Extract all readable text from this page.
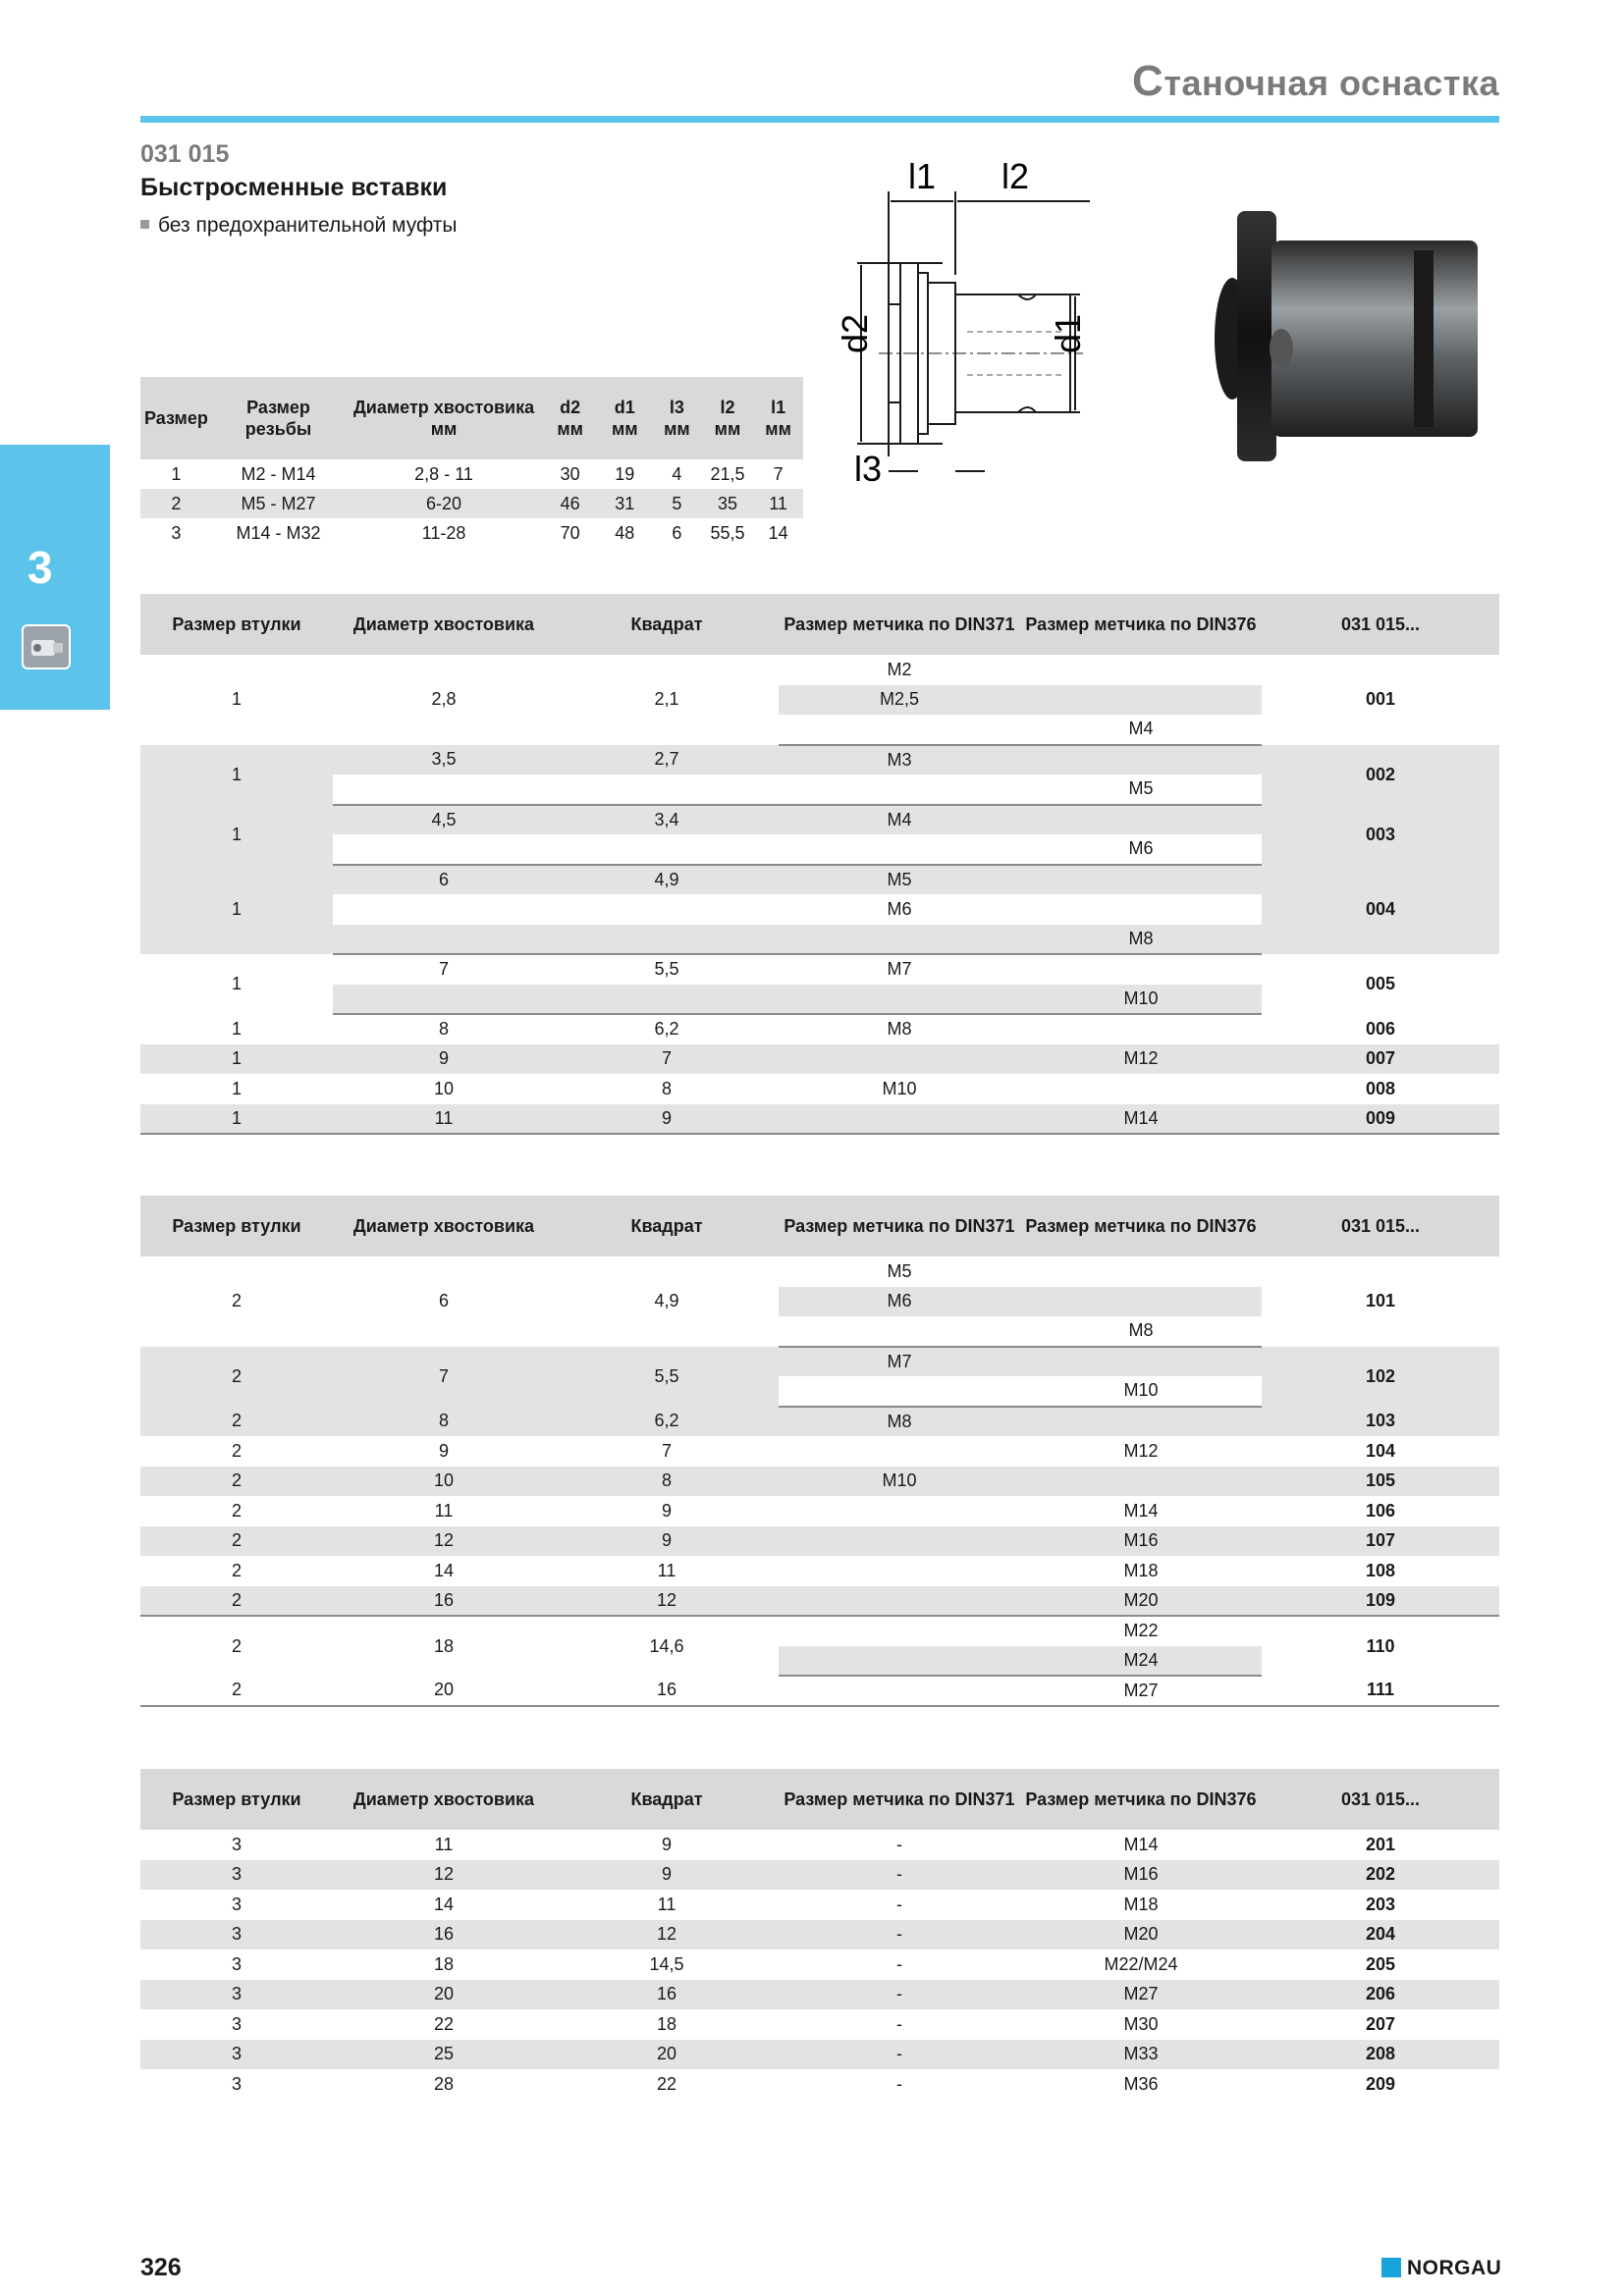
Станочная оснастка
3
031 015
Быстросменные вставки
без предохранительной муфты
l1 l2
l3
d2	d1
Размер	Размер резьбы	Диаметр хвостовика мм	d2 мм	d1 мм	l3 мм	l2 мм	l1 мм
1	M2 - M14	2,8 - 11	30	19	4	21,5	7
2	M5 - M27	6-20	46	31	5	35	11
3	M14 - M32	11-28	70	48	6	55,5	14
Размер втулки	Диаметр хвостовика	Квадрат	Размер метчика по DIN371	Размер метчика по DIN376	031 015...
1	2,8	2,1	M2		001
			M2,5		
				M4	
1	3,5	2,7	M3		002
				M5	
1	4,5	3,4	M4		003
				M6	
1	6	4,9	M5		004
			M6		
				M8	
1	7	5,5	M7		005
				M10	
1	8	6,2	M8		006
1	9	7		M12	007
1	10	8	M10		008
1	11	9		M14	009
Размер втулки	Диаметр хвостовика	Квадрат	Размер метчика по DIN371	Размер метчика по DIN376	031 015...
2	6	4,9	M5		101
			M6		
				M8	
2	7	5,5	M7		102
				M10	
2	8	6,2	M8		103
2	9	7		M12	104
2	10	8	M10		105
2	11	9		M14	106
2	12	9		M16	107
2	14	11		M18	108
2	16	12		M20	109
2	18	14,6		M22	110
				M24	
2	20	16		M27	111
Размер втулки	Диаметр хвостовика	Квадрат	Размер метчика по DIN371	Размер метчика по DIN376	031 015...
3	11	9	-	M14	201
3	12	9	-	M16	202
3	14	11	-	M18	203
3	16	12	-	M20	204
3	18	14,5	-	M22/M24	205
3	20	16	-	M27	206
3	22	18	-	M30	207
3	25	20	-	M33	208
3	28	22	-	M36	209
326	NORGAU
